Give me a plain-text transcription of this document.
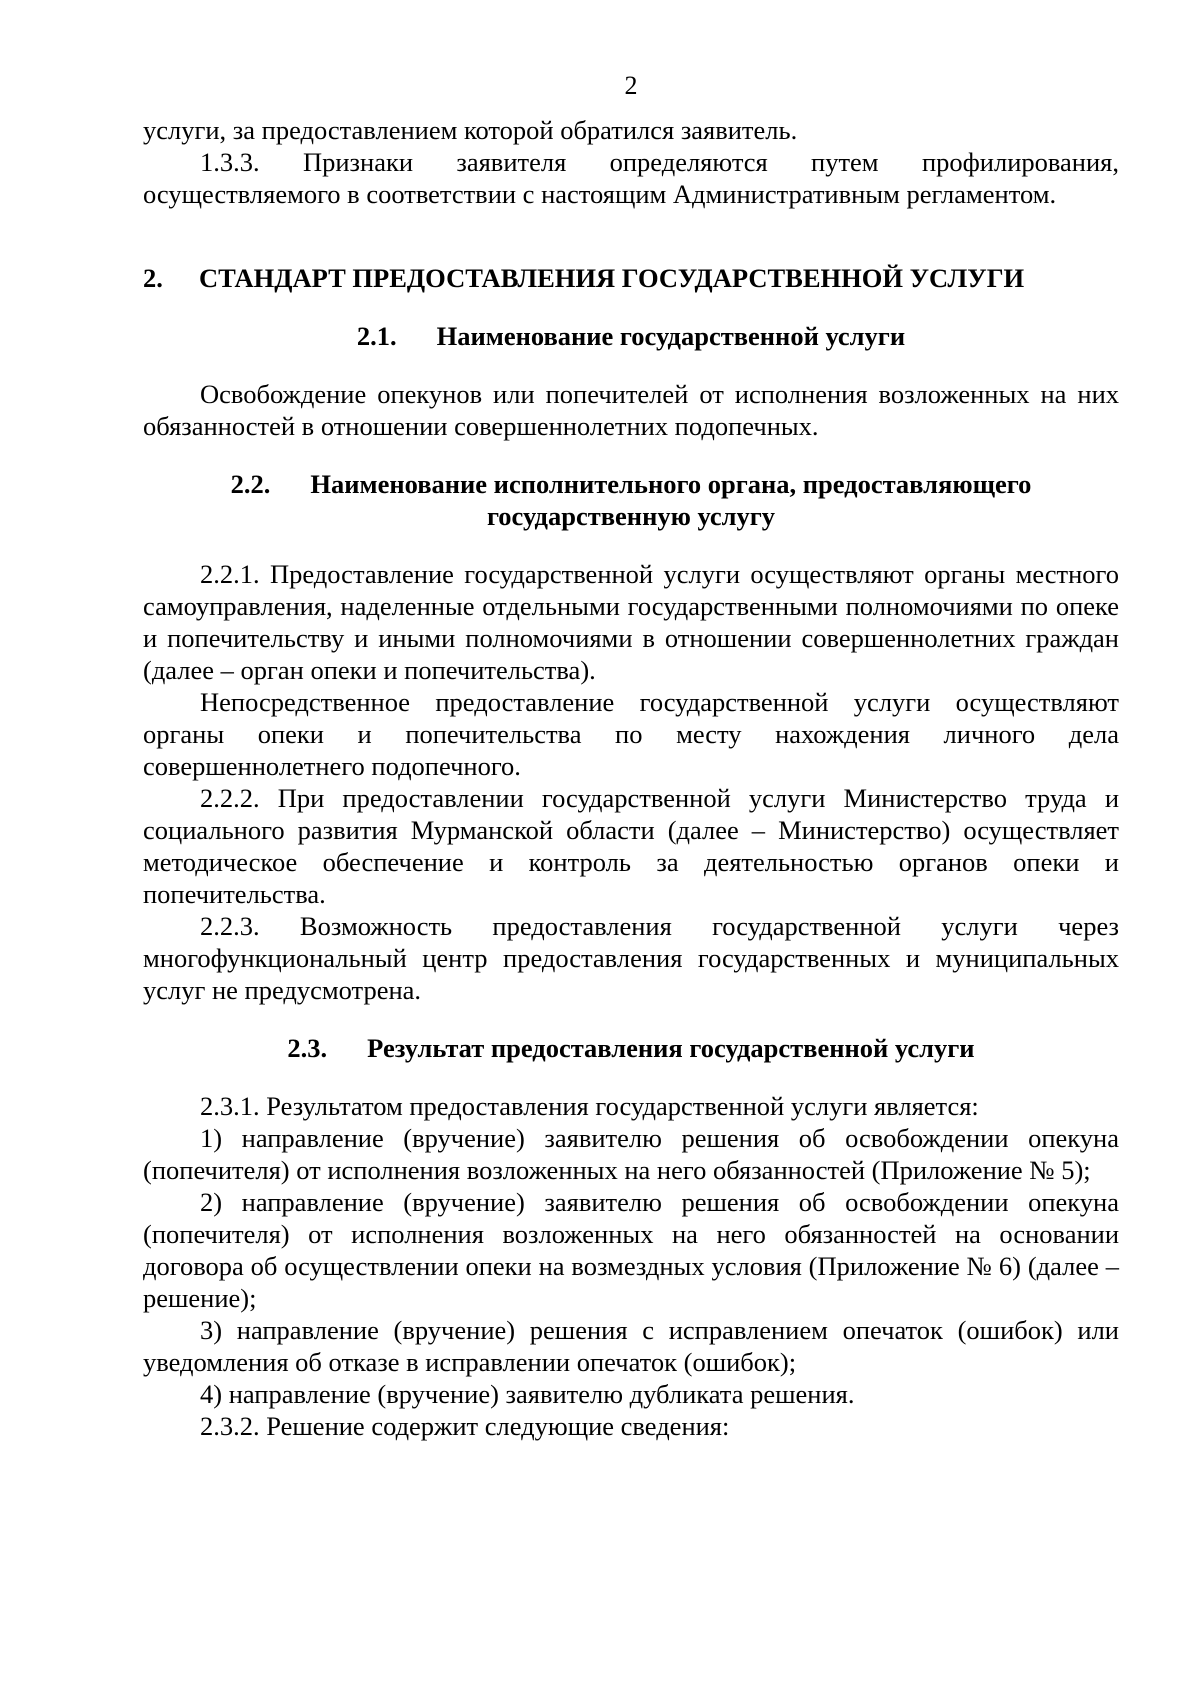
2

услуги, за предоставлением которой обратился заявитель.

1.3.3. Признаки заявителя определяются путем профилирования, осуществляемого в соответствии с настоящим Административным регламентом.

2. СТАНДАРТ ПРЕДОСТАВЛЕНИЯ ГОСУДАРСТВЕННОЙ УСЛУГИ
2.1. Наименование государственной услуги

Освобождение опекунов или попечителей от исполнения возложенных на них обязанностей в отношении совершеннолетних подопечных.

2.2. Наименование исполнительного органа, предоставляющего государственную услугу

2.2.1. Предоставление государственной услуги осуществляют органы местного самоуправления, наделенные отдельными государственными полномочиями по опеке и попечительству и иными полномочиями в отношении совершеннолетних граждан (далее – орган опеки и попечительства).

Непосредственное предоставление государственной услуги осуществляют органы опеки и попечительства по месту нахождения личного дела совершеннолетнего подопечного.

2.2.2. При предоставлении государственной услуги Министерство труда и социального развития Мурманской области (далее – Министерство) осуществляет методическое обеспечение и контроль за деятельностью органов опеки и попечительства.

2.2.3. Возможность предоставления государственной услуги через многофункциональный центр предоставления государственных и муниципальных услуг не предусмотрена.

2.3. Результат предоставления государственной услуги

2.3.1. Результатом предоставления государственной услуги является:

1) направление (вручение) заявителю решения об освобождении опекуна (попечителя) от исполнения возложенных на него обязанностей (Приложение № 5);

2) направление (вручение) заявителю решения об освобождении опекуна (попечителя) от исполнения возложенных на него обязанностей на основании договора об осуществлении опеки на возмездных условия (Приложение № 6) (далее – решение);

3) направление (вручение) решения с исправлением опечаток (ошибок) или уведомления об отказе в исправлении опечаток (ошибок);

4) направление (вручение) заявителю дубликата решения.

2.3.2. Решение содержит следующие сведения:
